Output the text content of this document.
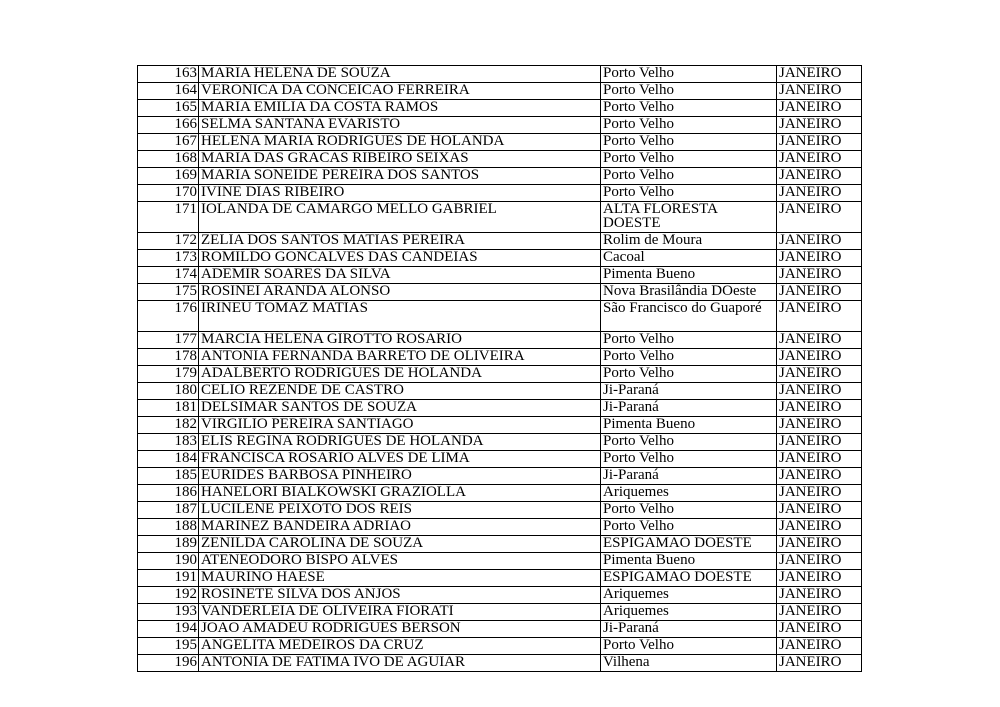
163	MARIA HELENA DE SOUZA	Porto Velho	JANEIRO
164	VERONICA DA CONCEICAO FERREIRA	Porto Velho	JANEIRO
165	MARIA EMILIA DA COSTA RAMOS	Porto Velho	JANEIRO
166	SELMA SANTANA EVARISTO	Porto Velho	JANEIRO
167	HELENA MARIA RODRIGUES DE HOLANDA	Porto Velho	JANEIRO
168	MARIA DAS GRACAS RIBEIRO SEIXAS	Porto Velho	JANEIRO
169	MARIA SONEIDE PEREIRA DOS SANTOS	Porto Velho	JANEIRO
170	IVINE DIAS RIBEIRO	Porto Velho	JANEIRO
171	IOLANDA DE CAMARGO MELLO GABRIEL	ALTA FLORESTA DOESTE	JANEIRO
172	ZELIA DOS SANTOS MATIAS PEREIRA	Rolim de Moura	JANEIRO
173	ROMILDO GONCALVES DAS CANDEIAS	Cacoal	JANEIRO
174	ADEMIR SOARES DA SILVA	Pimenta Bueno	JANEIRO
175	ROSINEI ARANDA ALONSO	Nova Brasilândia DOeste	JANEIRO
176	IRINEU TOMAZ MATIAS	São Francisco do Guaporé	JANEIRO
177	MARCIA HELENA GIROTTO ROSARIO	Porto Velho	JANEIRO
178	ANTONIA FERNANDA BARRETO DE OLIVEIRA	Porto Velho	JANEIRO
179	ADALBERTO RODRIGUES DE HOLANDA	Porto Velho	JANEIRO
180	CELIO REZENDE DE CASTRO	Ji-Paraná	JANEIRO
181	DELSIMAR SANTOS DE SOUZA	Ji-Paraná	JANEIRO
182	VIRGILIO PEREIRA SANTIAGO	Pimenta Bueno	JANEIRO
183	ELIS REGINA RODRIGUES DE HOLANDA	Porto Velho	JANEIRO
184	FRANCISCA ROSARIO ALVES DE LIMA	Porto Velho	JANEIRO
185	EURIDES BARBOSA PINHEIRO	Ji-Paraná	JANEIRO
186	HANELORI BIALKOWSKI GRAZIOLLA	Ariquemes	JANEIRO
187	LUCILENE PEIXOTO DOS REIS	Porto Velho	JANEIRO
188	MARINEZ BANDEIRA ADRIAO	Porto Velho	JANEIRO
189	ZENILDA CAROLINA DE SOUZA	ESPIGAMAO DOESTE	JANEIRO
190	ATENEODORO BISPO ALVES	Pimenta Bueno	JANEIRO
191	MAURINO HAESE	ESPIGAMAO DOESTE	JANEIRO
192	ROSINETE SILVA DOS ANJOS	Ariquemes	JANEIRO
193	VANDERLEIA DE OLIVEIRA FIORATI	Ariquemes	JANEIRO
194	JOAO AMADEU RODRIGUES BERSON	Ji-Paraná	JANEIRO
195	ANGELITA MEDEIROS DA CRUZ	Porto Velho	JANEIRO
196	ANTONIA DE FATIMA IVO DE AGUIAR	Vilhena	JANEIRO
